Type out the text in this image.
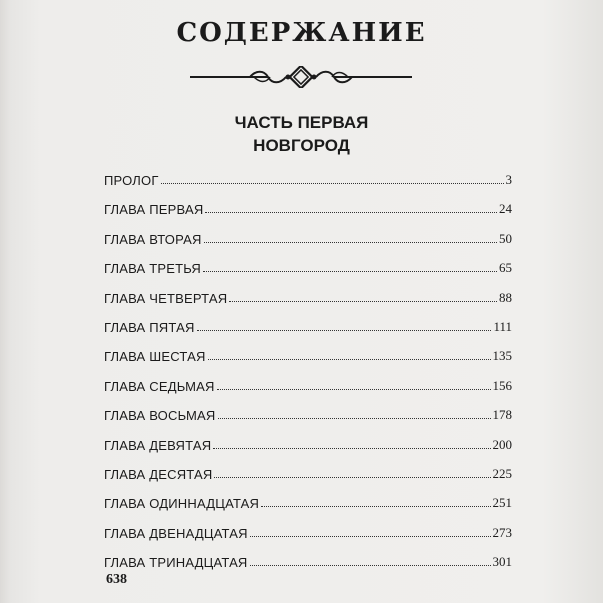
СОДЕРЖАНИЕ
ЧАСТЬ ПЕРВАЯ
НОВГОРОД
ПРОЛОГ	3
ГЛАВА ПЕРВАЯ	24
ГЛАВА ВТОРАЯ	50
ГЛАВА ТРЕТЬЯ	65
ГЛАВА ЧЕТВЕРТАЯ	88
ГЛАВА ПЯТАЯ	111
ГЛАВА ШЕСТАЯ	135
ГЛАВА СЕДЬМАЯ	156
ГЛАВА ВОСЬМАЯ	178
ГЛАВА ДЕВЯТАЯ	200
ГЛАВА ДЕСЯТАЯ	225
ГЛАВА ОДИННАДЦАТАЯ	251
ГЛАВА ДВЕНАДЦАТАЯ	273
ГЛАВА ТРИНАДЦАТАЯ	301
638
